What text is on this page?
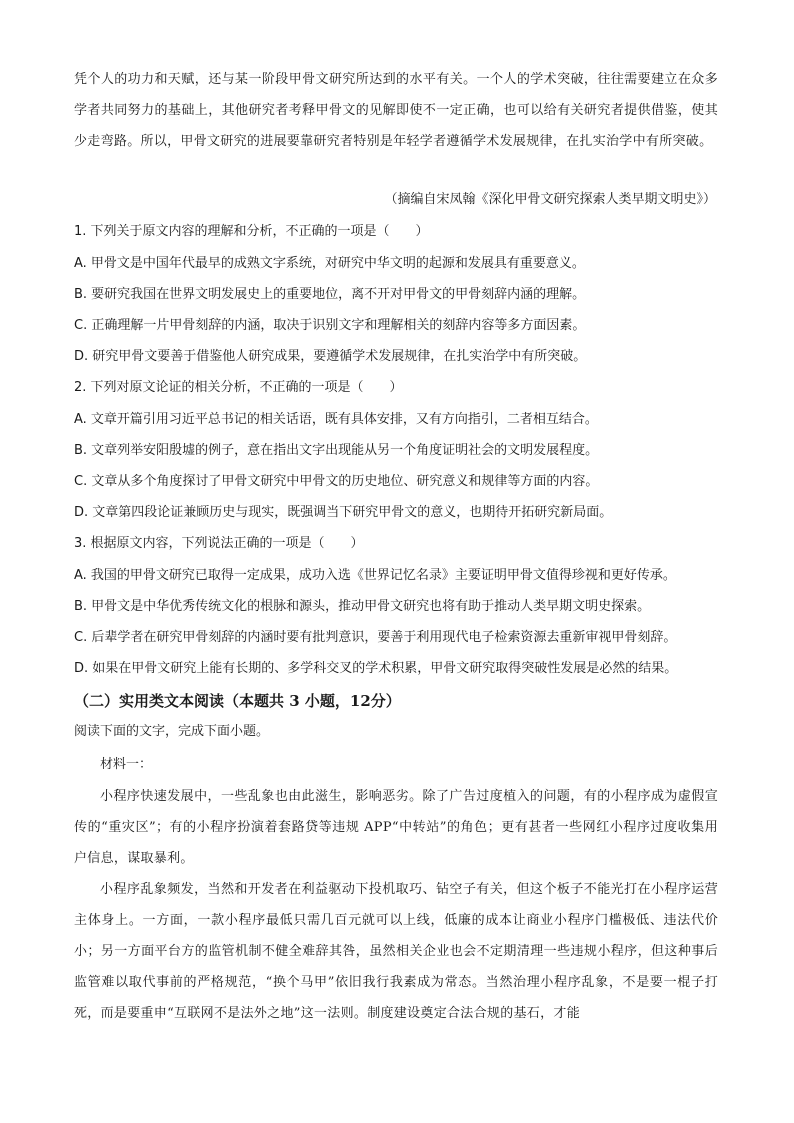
凭个人的功力和天赋，还与某一阶段甲骨文研究所达到的水平有关。一个人的学术突破，往往需要建立在众多学者共同努力的基础上，其他研究者考释甲骨文的见解即使不一定正确，也可以给有关研究者提供借鉴，使其少走弯路。所以，甲骨文研究的进展要靠研究者特别是年轻学者遵循学术发展规律，在扎实治学中有所突破。

（摘编自宋凤翰《深化甲骨文研究探索人类早期文明史》）

1. 下列关于原文内容的理解和分析，不正确的一项是（　　）

A. 甲骨文是中国年代最早的成熟文字系统，对研究中华文明的起源和发展具有重要意义。

B. 要研究我国在世界文明发展史上的重要地位，离不开对甲骨文的甲骨刻辞内涵的理解。

C. 正确理解一片甲骨刻辞的内涵，取决于识别文字和理解相关的刻辞内容等多方面因素。

D. 研究甲骨文要善于借鉴他人研究成果，要遵循学术发展规律，在扎实治学中有所突破。

2. 下列对原文论证的相关分析，不正确的一项是（　　）

A. 文章开篇引用习近平总书记的相关话语，既有具体安排，又有方向指引，二者相互结合。

B. 文章列举安阳殷墟的例子，意在指出文字出现能从另一个角度证明社会的文明发展程度。

C. 文章从多个角度探讨了甲骨文研究中甲骨文的历史地位、研究意义和规律等方面的内容。

D. 文章第四段论证兼顾历史与现实，既强调当下研究甲骨文的意义，也期待开拓研究新局面。

3. 根据原文内容，下列说法正确的一项是（　　）

A. 我国的甲骨文研究已取得一定成果，成功入选《世界记忆名录》主要证明甲骨文值得珍视和更好传承。

B. 甲骨文是中华优秀传统文化的根脉和源头，推动甲骨文研究也将有助于推动人类早期文明史探索。

C. 后辈学者在研究甲骨刻辞的内涵时要有批判意识，要善于利用现代电子检索资源去重新审视甲骨刻辞。

D. 如果在甲骨文研究上能有长期的、多学科交叉的学术积累，甲骨文研究取得突破性发展是必然的结果。

（二）实用类文本阅读（本题共 3 小题，12分）

阅读下面的文字，完成下面小题。

材料一：

小程序快速发展中，一些乱象也由此滋生，影响恶劣。除了广告过度植入的问题，有的小程序成为虚假宣传的“重灾区”；有的小程序扮演着套路贷等违规 APP“中转站”的角色；更有甚者一些网红小程序过度收集用户信息，谋取暴利。

小程序乱象频发，当然和开发者在利益驱动下投机取巧、钻空子有关，但这个板子不能光打在小程序运营主体身上。一方面，一款小程序最低只需几百元就可以上线，低廉的成本让商业小程序门槛极低、违法代价小；另一方面平台方的监管机制不健全难辞其咎，虽然相关企业也会不定期清理一些违规小程序，但这种事后监管难以取代事前的严格规范，“换个马甲”依旧我行我素成为常态。当然治理小程序乱象，不是要一棍子打死，而是要重申“互联网不是法外之地”这一法则。制度建设奠定合法合规的基石，才能
